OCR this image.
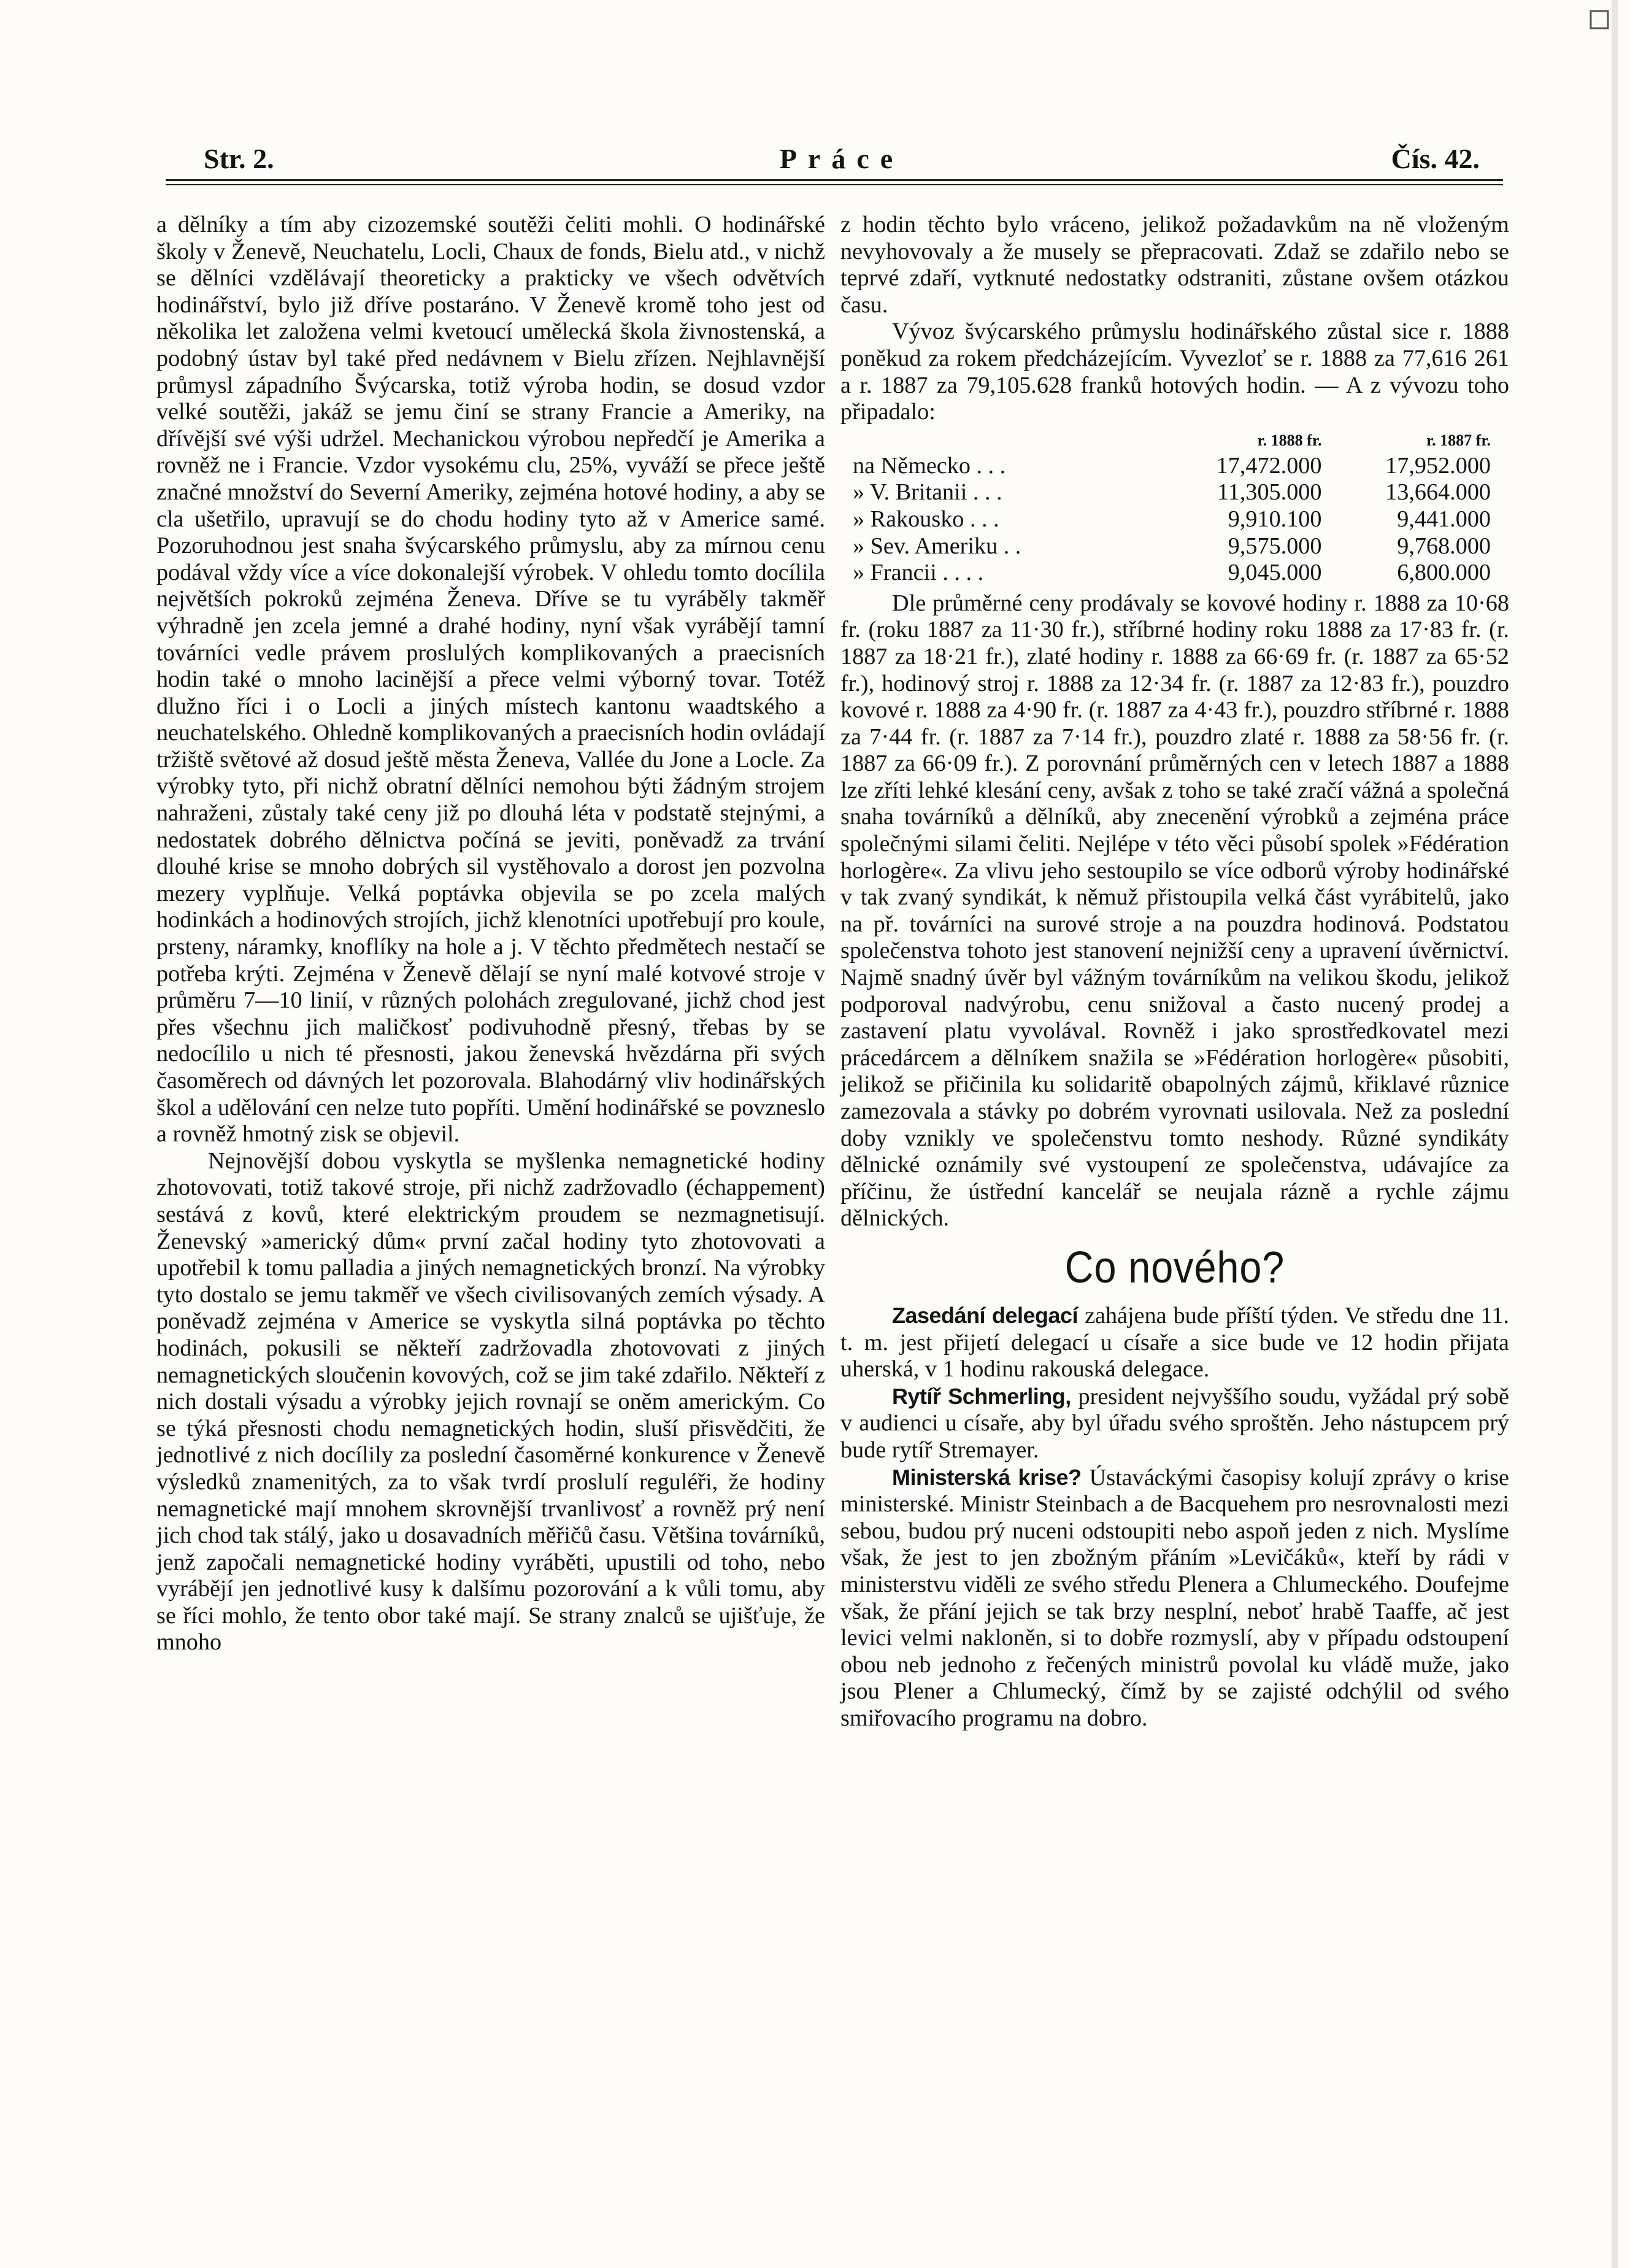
Str. 2.	Práce	Čís. 42.

a dělníky a tím aby cizozemské soutěži čeliti mohli. O hodinářské školy v Ženevě, Neuchatelu, Locli, Chaux de fonds, Bielu atd., v nichž se dělníci vzdělávají theoreticky a prakticky ve všech odvětvích hodinářství, bylo již dříve postaráno. V Ženevě kromě toho jest od několika let založena velmi kvetoucí umělecká škola živnostenská, a podobný ústav byl také před nedávnem v Bielu zřízen. Nejhlavnější průmysl západního Švýcarska, totiž výroba hodin, se dosud vzdor velké soutěži, jakáž se jemu činí se strany Francie a Ameriky, na dřívější své výši udržel. Mechanickou výrobou nepředčí je Amerika a rovněž ne i Francie. Vzdor vysokému clu, 25%, vyváží se přece ještě značné množství do Severní Ameriky, zejména hotové hodiny, a aby se cla ušetřilo, upravují se do chodu hodiny tyto až v Americe samé. Pozoruhodnou jest snaha švýcarského průmyslu, aby za mírnou cenu podával vždy více a více dokonalejší výrobek. V ohledu tomto docílila největších pokroků zejména Ženeva. Dříve se tu vyráběly takměř výhradně jen zcela jemné a drahé hodiny, nyní však vyrábějí tamní továrníci vedle právem proslulých komplikovaných a praecisních hodin také o mnoho lacinější a přece velmi výborný tovar. Totéž dlužno říci i o Locli a jiných místech kantonu waadtského a neuchatelského. Ohledně komplikovaných a praecisních hodin ovládají tržiště světové až dosud ještě města Ženeva, Vallée du Jone a Locle. Za výrobky tyto, při nichž obratní dělníci nemohou býti žádným strojem nahraženi, zůstaly také ceny již po dlouhá léta v podstatě stejnými, a nedostatek dobrého dělnictva počíná se jeviti, poněvadž za trvání dlouhé krise se mnoho dobrých sil vystěhovalo a dorost jen pozvolna mezery vyplňuje. Velká poptávka objevila se po zcela malých hodinkách a hodinových strojích, jichž klenotníci upotřebují pro koule, prsteny, náramky, knoflíky na hole a j. V těchto předmětech nestačí se potřeba krýti. Zejména v Ženevě dělají se nyní malé kotvové stroje v průměru 7—10 linií, v různých polohách zregulované, jichž chod jest přes všechnu jich maličkosť podivuhodně přesný, třebas by se nedocílilo u nich té přesnosti, jakou ženevská hvězdárna při svých časoměrech od dávných let pozorovala. Blahodárný vliv hodinářských škol a udělování cen nelze tuto popříti. Umění hodinářské se povzneslo a rovněž hmotný zisk se objevil.

Nejnovější dobou vyskytla se myšlenka nemagnetické hodiny zhotovovati, totiž takové stroje, při nichž zadržovadlo (échappement) sestává z kovů, které elektrickým proudem se nezmagnetisují. Ženevský »americký dům« první začal hodiny tyto zhotovovati a upotřebil k tomu palladia a jiných nemagnetických bronzí. Na výrobky tyto dostalo se jemu takměř ve všech civilisovaných zemích výsady. A poněvadž zejména v Americe se vyskytla silná poptávka po těchto hodinách, pokusili se někteří zadržovadla zhotovovati z jiných nemagnetických sloučenin kovových, což se jim také zdařilo. Někteří z nich dostali výsadu a výrobky jejich rovnají se oněm americkým. Co se týká přesnosti chodu nemagnetických hodin, sluší přisvědčiti, že jednotlivé z nich docílily za poslední časoměrné konkurence v Ženevě výsledků znamenitých, za to však tvrdí proslulí reguléři, že hodiny nemagnetické mají mnohem skrovnější trvanlivosť a rovněž prý není jich chod tak stálý, jako u dosavadních měřičů času. Většina továrníků, jenž započali nemagnetické hodiny vyráběti, upustili od toho, nebo vyrábějí jen jednotlivé kusy k dalšímu pozorování a k vůli tomu, aby se říci mohlo, že tento obor také mají. Se strany znalců se ujišťuje, že mnoho

z hodin těchto bylo vráceno, jelikož požadavkům na ně vloženým nevyhovovaly a že musely se přepracovati. Zdaž se zdařilo nebo se teprvé zdaří, vytknuté nedostatky odstraniti, zůstane ovšem otázkou času.

Vývoz švýcarského průmyslu hodinářského zůstal sice r. 1888 poněkud za rokem předcházejícím. Vyvezloť se r. 1888 za 77,616 261 a r. 1887 za 79,105.628 franků hotových hodin. — A z vývozu toho připadalo:

	r. 1888 fr.	r. 1887 fr.
na Německo . . .	17,472.000	17,952.000
» V. Britanii . . .	11,305.000	13,664.000
» Rakousko . . .	9,910.100	9,441.000
» Sev. Ameriku . .	9,575.000	9,768.000
» Francii . . . .	9,045.000	6,800.000

Dle průměrné ceny prodávaly se kovové hodiny r. 1888 za 10·68 fr. (roku 1887 za 11·30 fr.), stříbrné hodiny roku 1888 za 17·83 fr. (r. 1887 za 18·21 fr.), zlaté hodiny r. 1888 za 66·69 fr. (r. 1887 za 65·52 fr.), hodinový stroj r. 1888 za 12·34 fr. (r. 1887 za 12·83 fr.), pouzdro kovové r. 1888 za 4·90 fr. (r. 1887 za 4·43 fr.), pouzdro stříbrné r. 1888 za 7·44 fr. (r. 1887 za 7·14 fr.), pouzdro zlaté r. 1888 za 58·56 fr. (r. 1887 za 66·09 fr.). Z porovnání průměrných cen v letech 1887 a 1888 lze zříti lehké klesání ceny, avšak z toho se také zračí vážná a společná snaha továrníků a dělníků, aby znecenění výrobků a zejména práce společnými silami čeliti. Nejlépe v této věci působí spolek »Fédération horlogère«. Za vlivu jeho sestoupilo se více odborů výroby hodinářské v tak zvaný syndikát, k němuž přistoupila velká část vyrábitelů, jako na př. továrníci na surové stroje a na pouzdra hodinová. Podstatou společenstva tohoto jest stanovení nejnižší ceny a upravení úvěrnictví. Najmě snadný úvěr byl vážným továrníkům na velikou škodu, jelikož podporoval nadvýrobu, cenu snižoval a často nucený prodej a zastavení platu vyvolával. Rovněž i jako sprostředkovatel mezi prácedárcem a dělníkem snažila se »Fédération horlogère« působiti, jelikož se přičinila ku solidaritě obapolných zájmů, křiklavé různice zamezovala a stávky po dobrém vyrovnati usilovala. Než za poslední doby vznikly ve společenstvu tomto neshody. Různé syndikáty dělnické oznámily své vystoupení ze společenstva, udávajíce za příčinu, že ústřední kancelář se neujala rázně a rychle zájmu dělnických.

Co nového?

Zasedání delegací zahájena bude příští týden. Ve středu dne 11. t. m. jest přijetí delegací u císaře a sice bude ve 12 hodin přijata uherská, v 1 hodinu rakouská delegace.

Rytíř Schmerling, president nejvyššího soudu, vyžádal prý sobě v audienci u císaře, aby byl úřadu svého sproštěn. Jeho nástupcem prý bude rytíř Stremayer.

Ministerská krise? Ústaváckými časopisy kolují zprávy o krise ministerské. Ministr Steinbach a de Bacquehem pro nesrovnalosti mezi sebou, budou prý nuceni odstoupiti nebo aspoň jeden z nich. Myslíme však, že jest to jen zbožným přáním »Levičáků«, kteří by rádi v ministerstvu viděli ze svého středu Plenera a Chlumeckého. Doufejme však, že přání jejich se tak brzy nesplní, neboť hrabě Taaffe, ač jest levici velmi nakloněn, si to dobře rozmyslí, aby v případu odstoupení obou neb jednoho z řečených ministrů povolal ku vládě muže, jako jsou Plener a Chlumecký, čímž by se zajisté odchýlil od svého smiřovacího programu na dobro.
